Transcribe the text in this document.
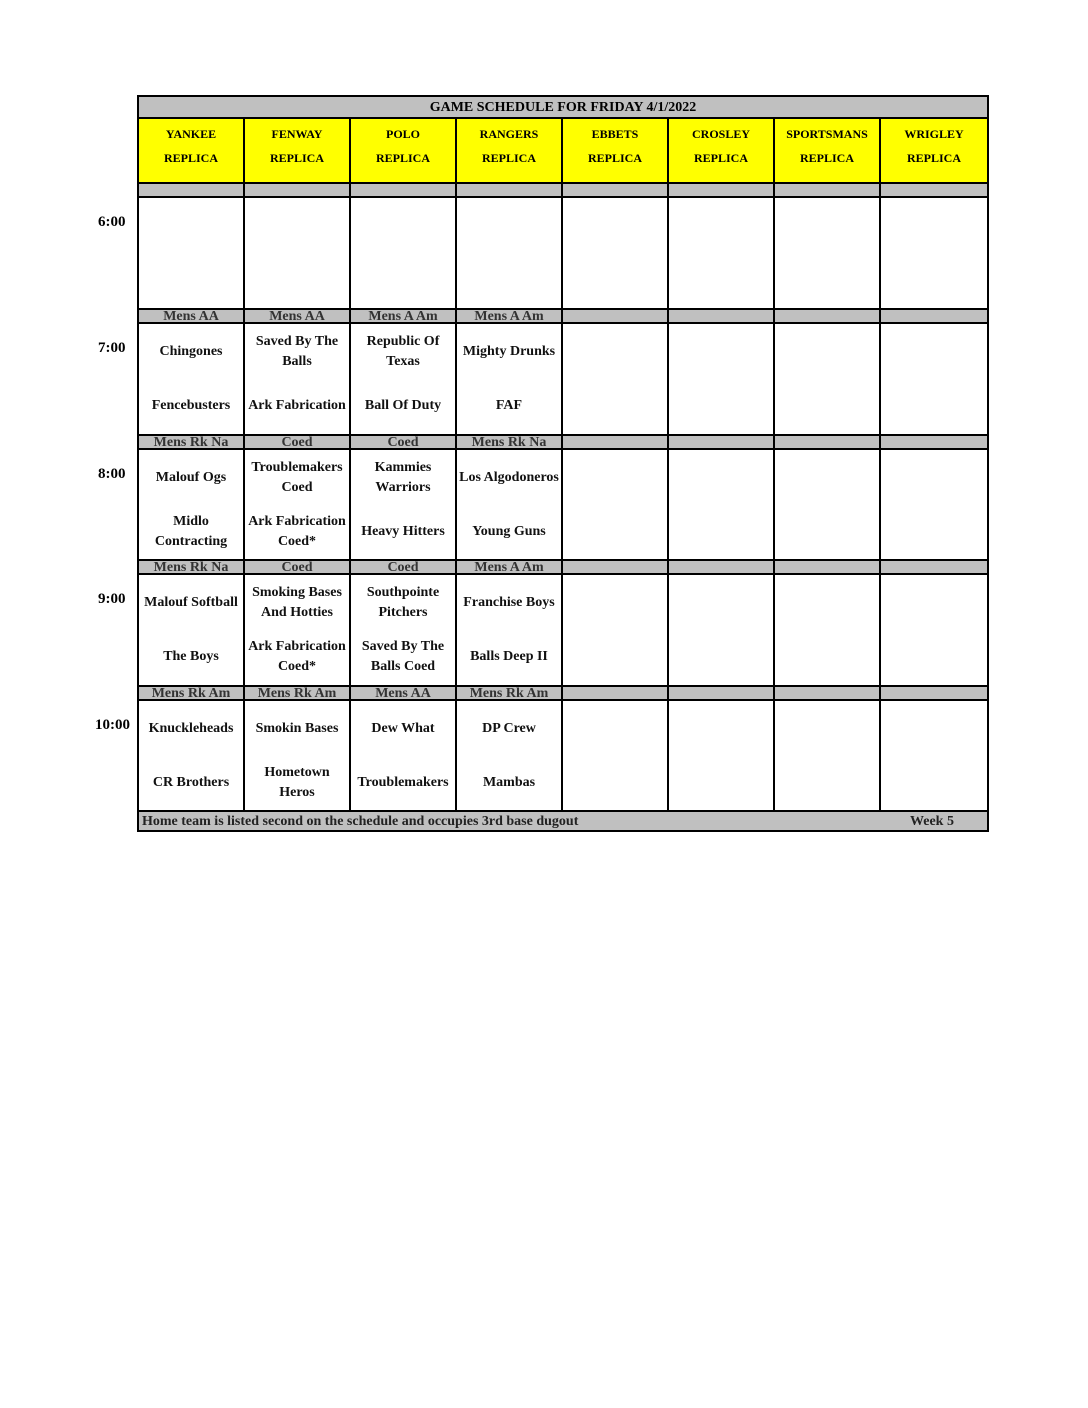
GAME SCHEDULE FOR FRIDAY 4/1/2022
YANKEE
REPLICA
FENWAY
REPLICA
POLO
REPLICA
RANGERS
REPLICA
EBBETS
REPLICA
CROSLEY
REPLICA
SPORTSMANS
REPLICA
WRIGLEY
REPLICA
Mens AA
Chingones
Fencebusters
Mens AA
Saved By The Balls
Ark Fabrication
Mens A Am
Republic Of Texas
Ball Of Duty
Mens A Am
Mighty Drunks
FAF
Mens Rk Na
Malouf Ogs
Midlo Contracting
Coed
Troublemakers Coed
Ark Fabrication Coed*
Coed
Kammies Warriors
Heavy Hitters
Mens Rk Na
Los Algodoneros
Young Guns
Mens Rk Na
Malouf Softball
The Boys
Coed
Smoking Bases And Hotties
Ark Fabrication Coed*
Coed
Southpointe Pitchers
Saved By The Balls Coed
Mens A Am
Franchise Boys
Balls Deep II
Mens Rk Am
Knuckleheads
CR Brothers
Mens Rk Am
Smokin Bases
Hometown Heros
Mens AA
Dew What
Troublemakers
Mens Rk Am
DP Crew
Mambas
Home team is listed second on the schedule and occupies 3rd base dugout	Week 5
6:00
7:00
8:00
9:00
10:00
